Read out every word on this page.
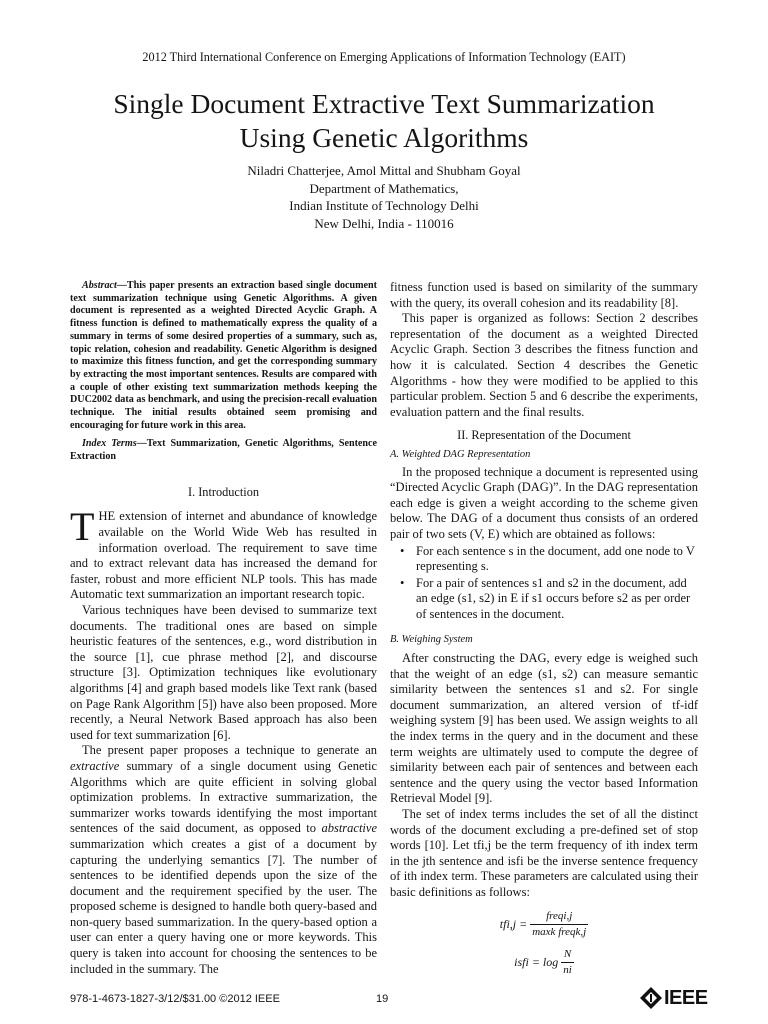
2012 Third International Conference on Emerging Applications of Information Technology (EAIT)
Single Document Extractive Text Summarization
Using Genetic Algorithms
Niladri Chatterjee, Amol Mittal and Shubham Goyal
Department of Mathematics,
Indian Institute of Technology Delhi
New Delhi, India - 110016

Abstract—This paper presents an extraction based single document text summarization technique using Genetic Algorithms. A given document is represented as a weighted Directed Acyclic Graph. A fitness function is defined to mathematically express the quality of a summary in terms of some desired properties of a summary, such as, topic relation, cohesion and readability. Genetic Algorithm is designed to maximize this fitness function, and get the corresponding summary by extracting the most important sentences. Results are compared with a couple of other existing text summarization methods keeping the DUC2002 data as benchmark, and using the precision-recall evaluation technique. The initial results obtained seem promising and encouraging for future work in this area.

Index Terms—Text Summarization, Genetic Algorithms, Sentence Extraction

I. Introduction

THE extension of internet and abundance of knowledge available on the World Wide Web has resulted in information overload. The requirement to save time and to extract relevant data has increased the demand for faster, robust and more efficient NLP tools. This has made Automatic text summarization an important research topic.

Various techniques have been devised to summarize text documents. The traditional ones are based on simple heuristic features of the sentences, e.g., word distribution in the source [1], cue phrase method [2], and discourse structure [3]. Optimization techniques like evolutionary algorithms [4] and graph based models like Text rank (based on Page Rank Algorithm [5]) have also been proposed. More recently, a Neural Network Based approach has also been used for text summarization [6].

The present paper proposes a technique to generate an extractive summary of a single document using Genetic Algorithms which are quite efficient in solving global optimization problems. In extractive summarization, the summarizer works towards identifying the most important sentences of the said document, as opposed to abstractive summarization which creates a gist of a document by capturing the underlying semantics [7]. The number of sentences to be identified depends upon the size of the document and the requirement specified by the user. The proposed scheme is designed to handle both query-based and non-query based summarization. In the query-based option a user can enter a query having one or more keywords. This query is taken into account for choosing the sentences to be included in the summary. The

fitness function used is based on similarity of the summary with the query, its overall cohesion and its readability [8].

This paper is organized as follows: Section 2 describes representation of the document as a weighted Directed Acyclic Graph. Section 3 describes the fitness function and how it is calculated. Section 4 describes the Genetic Algorithms - how they were modified to be applied to this particular problem. Section 5 and 6 describe the experiments, evaluation pattern and the final results.

II. Representation of the Document
A. Weighted DAG Representation

In the proposed technique a document is represented using “Directed Acyclic Graph (DAG)”. In the DAG representation each edge is given a weight according to the scheme given below. The DAG of a document thus consists of an ordered pair of two sets (V, E) which are obtained as follows:

• For each sentence s in the document, add one node to V representing s.

• For a pair of sentences s1 and s2 in the document, add an edge (s1, s2) in E if s1 occurs before s2 as per order of sentences in the document.

B. Weighing System

After constructing the DAG, every edge is weighed such that the weight of an edge (s1, s2) can measure semantic similarity between the sentences s1 and s2. For single document summarization, an altered version of tf-idf weighing system [9] has been used. We assign weights to all the index terms in the query and in the document and these term weights are ultimately used to compute the degree of similarity between each pair of sentences and between each sentence and the query using the vector based Information Retrieval Model [9].

The set of index terms includes the set of all the distinct words of the document excluding a pre-defined set of stop words [10]. Let tfi,j be the term frequency of ith index term in the jth sentence and isfi be the inverse sentence frequency of ith index term. These parameters are calculated using their basic definitions as follows:

$tfi,j = \frac{\text{freqi,j}}{\text{maxk freqk,j}}$
isfi = $\log \frac{N}{ni}$
978-1-4673-1827-3/12/$31.00 ©2012 IEEE	19	IEEE
